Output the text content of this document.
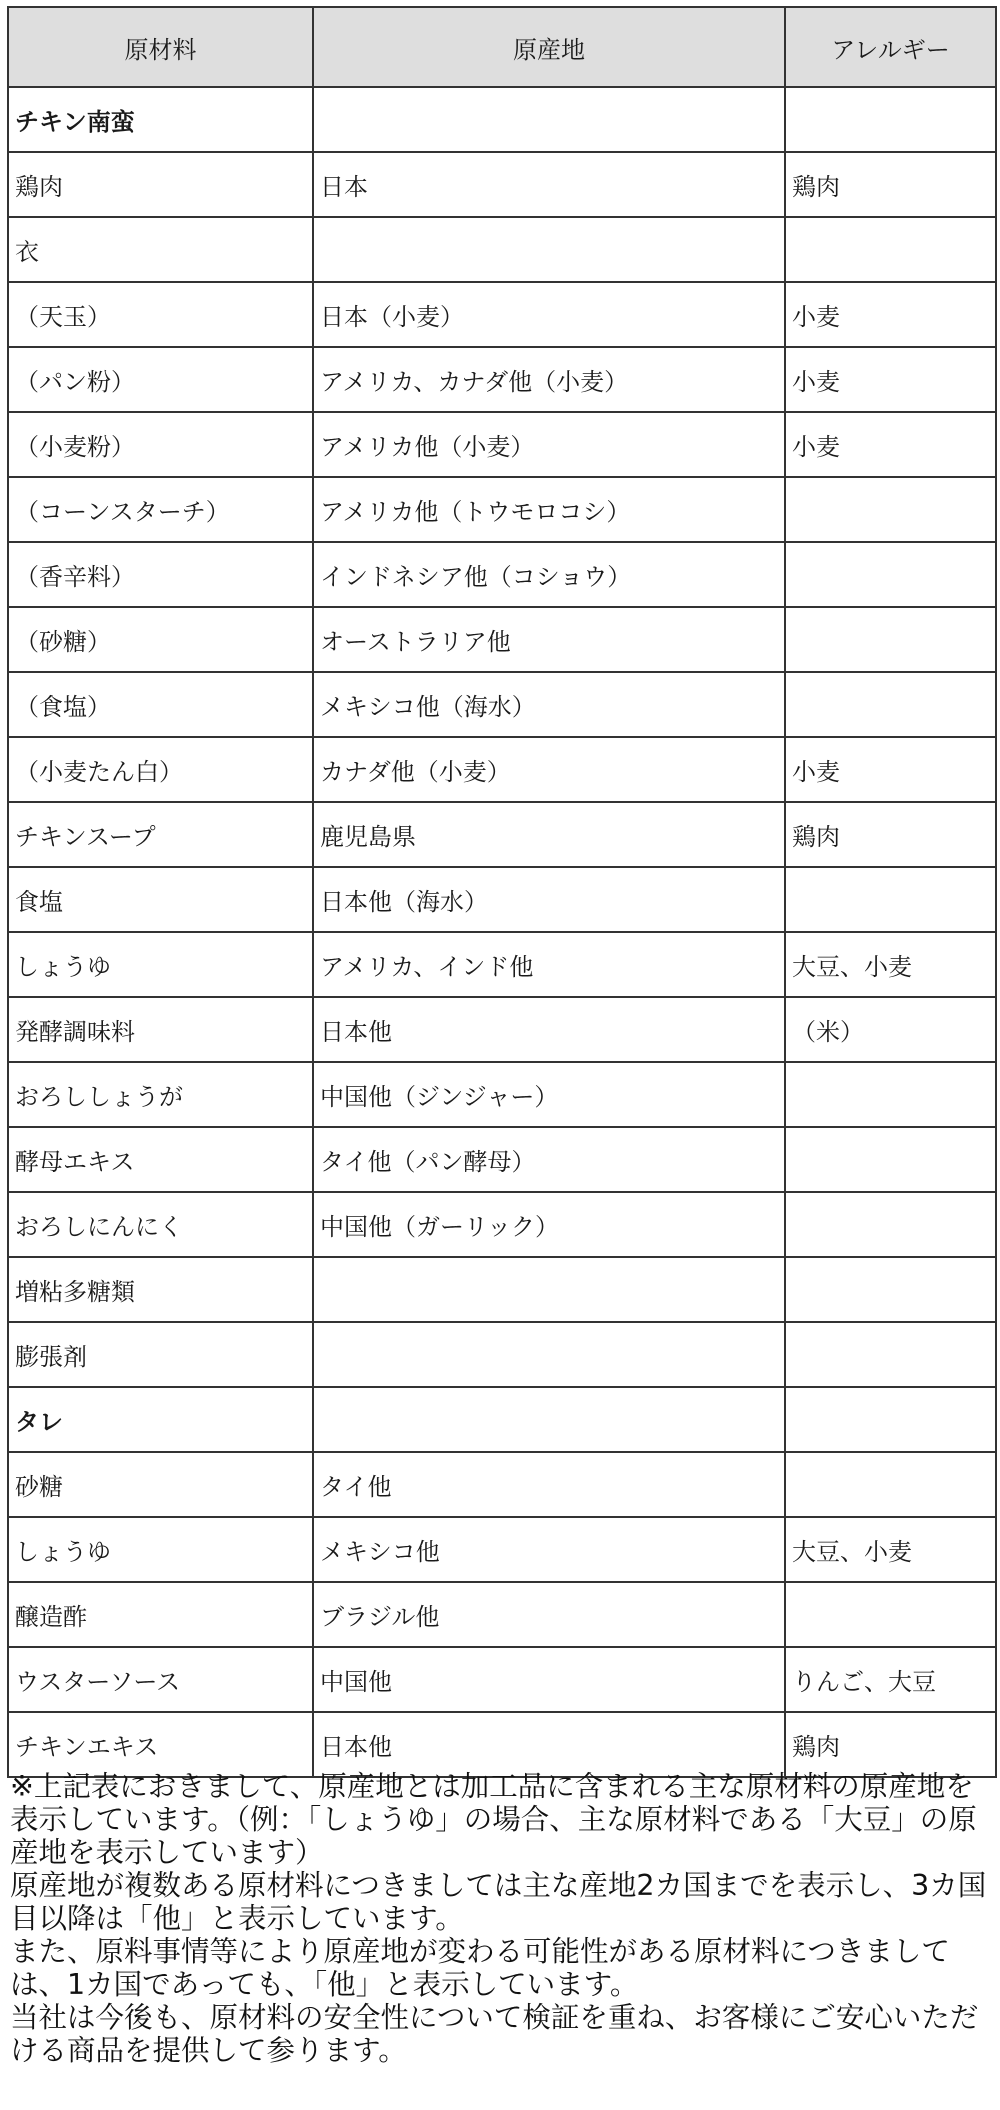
原材料	原産地	アレルギー
チキン南蛮		
鶏肉	日本	鶏肉
衣		
（天玉）	日本（小麦）	小麦
（パン粉）	アメリカ、カナダ他（小麦）	小麦
（小麦粉）	アメリカ他（小麦）	小麦
（コーンスターチ）	アメリカ他（トウモロコシ）	
（香辛料）	インドネシア他（コショウ）	
（砂糖）	オーストラリア他	
（食塩）	メキシコ他（海水）	
（小麦たん白）	カナダ他（小麦）	小麦
チキンスープ	鹿児島県	鶏肉
食塩	日本他（海水）	
しょうゆ	アメリカ、インド他	大豆、小麦
発酵調味料	日本他	（米）
おろししょうが	中国他（ジンジャー）	
酵母エキス	タイ他（パン酵母）	
おろしにんにく	中国他（ガーリック）	
増粘多糖類		
膨張剤		
タレ		
砂糖	タイ他	
しょうゆ	メキシコ他	大豆、小麦
醸造酢	ブラジル他	
ウスターソース	中国他	りんご、大豆
チキンエキス	日本他	鶏肉

※上記表におきまして、原産地とは加工品に含まれる主な原材料の原産地を表示しています。（例：「しょうゆ」の場合、主な原材料である「大豆」の原産地を表示しています）

原産地が複数ある原材料につきましては主な産地2カ国までを表示し、3カ国目以降は「他」と表示しています。

また、原料事情等により原産地が変わる可能性がある原材料につきましては、1カ国であっても、「他」と表示しています。

当社は今後も、原材料の安全性について検証を重ね、お客様にご安心いただける商品を提供して参ります。
